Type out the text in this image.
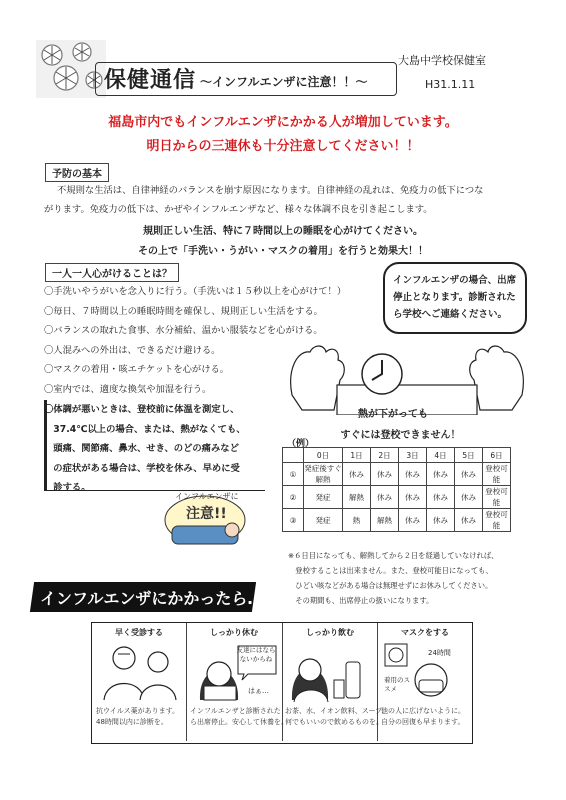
保健通信 ～インフルエンザに注意！！～
大島中学校保健室
H31.1.11
福島市内でもインフルエンザにかかる人が増加しています。
明日からの三連休も十分注意してください！！
予防の基本
不規則な生活は、自律神経のバランスを崩す原因になります。自律神経の乱れは、免疫力の低下につな
がります。免疫力の低下は、かぜやインフルエンザなど、様々な体調不良を引き起こします。
規則正しい生活、特に７時間以上の睡眠を心がけてください。
その上で「手洗い・うがい・マスクの着用」を行うと効果大！！
一人一人心がけることは？
〇手洗いやうがいを念入りに行う。（手洗いは１５秒以上を心がけて！）
〇毎日、７時間以上の睡眠時間を確保し、規則正しい生活をする。
〇バランスの取れた食事、水分補給、温かい服装などを心がける。
〇人混みへの外出は、できるだけ避ける。
〇マスクの着用・咳エチケットを心がける。
〇室内では、適度な換気や加湿を行う。
〇体調が悪いときは、登校前に体温を測定し、
　37.4℃以上の場合、または、熱がなくても、
　頭痛、関節痛、鼻水、せき、のどの痛みなど
　の症状がある場合は、学校を休み、早めに受
　診する。
インフルエンザに
注意!!
インフルエンザの場合、出席
停止となります。診断された
ら学校へご連絡ください。
熱が下がっても
すぐには登校できません！
（例）
	0日	1日	2日	3日	4日	5日	6日
①	発症後すぐ解熱	休み	休み	休み	休み	休み	登校可能
②	発症	解熱	休み	休み	休み	休み	登校可能
③	発症	熱	解熱	休み	休み	休み	登校可能
※６日目になっても、解熱してから２日を経過していなければ、
　登校することは出来ません。また、登校可能日になっても、
　ひどい咳などがある場合は無理せずにお休みしてください。
　その期間も、出席停止の扱いになります。
インフルエンザにかかったら…
早く受診する	しっかり休む	しっかり飲む	マスクをする
友達にはならないからね
はぁ…
24時間
着用のススメ
抗ウイルス薬があります。
48時間以内に診断を。
インフルエンザと診断された
ら出席停止。安心して休養を。
お茶、水、イオン飲料、スープ、
何でもいいので飲めるものを。
他の人に広げないように。
自分の回復も早まります。
